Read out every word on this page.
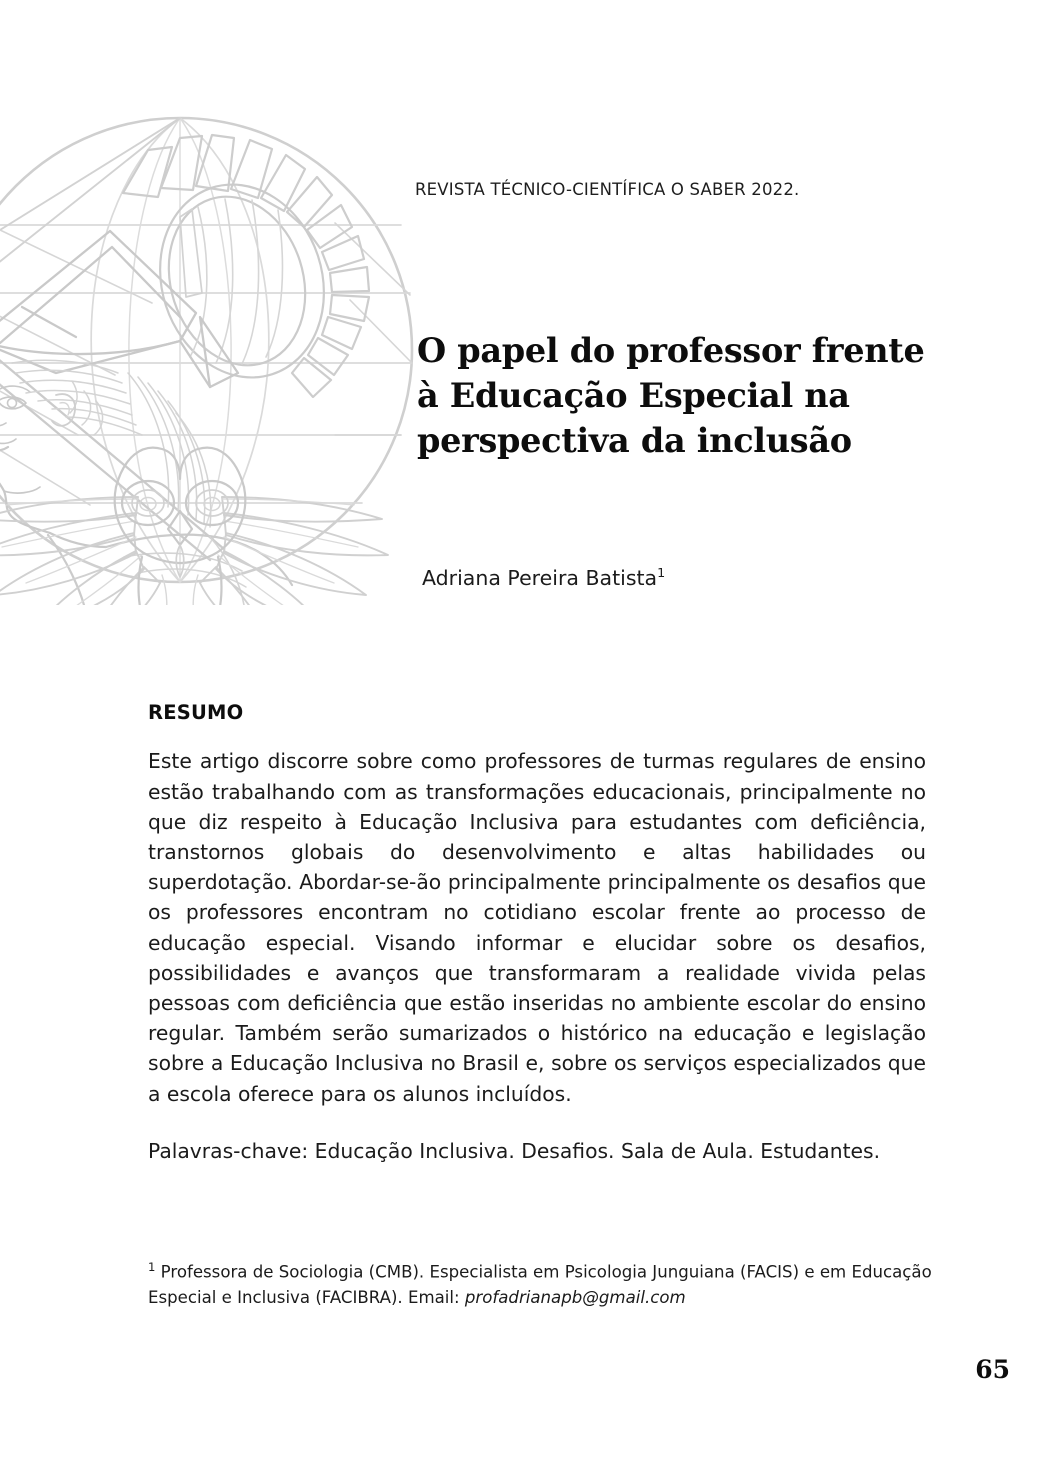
REVISTA TÉCNICO-CIENTÍFICA O SABER 2022.
O papel do professor frente
à Educação Especial na
perspectiva da inclusão
Adriana Pereira Batista$^1$
RESUMO

Este artigo discorre sobre como professores de turmas regulares de ensino estão trabalhando com as transformações educacionais, principalmente no que diz respeito à Educação Inclusiva para estudantes com deficiência, transtornos globais do desenvolvimento e altas habilidades ou superdotação. Abordar-se-ão principalmente principalmente os desafios que os professores encontram no cotidiano escolar frente ao processo de educação especial. Visando informar e elucidar sobre os desafios, possibilidades e avanços que transformaram a realidade vivida pelas pessoas com deficiência que estão inseridas no ambiente escolar do ensino regular. Também serão sumarizados o histórico na educação e legislação sobre a Educação Inclusiva no Brasil e, sobre os serviços especializados que a escola oferece para os alunos incluídos.

Palavras-chave: Educação Inclusiva. Desafios. Sala de Aula. Estudantes.

$^1$ Professora de Sociologia (CMB). Especialista em Psicologia Junguiana (FACIS) e em Educação Especial e Inclusiva (FACIBRA). Email: profadrianapb@gmail.com
65
